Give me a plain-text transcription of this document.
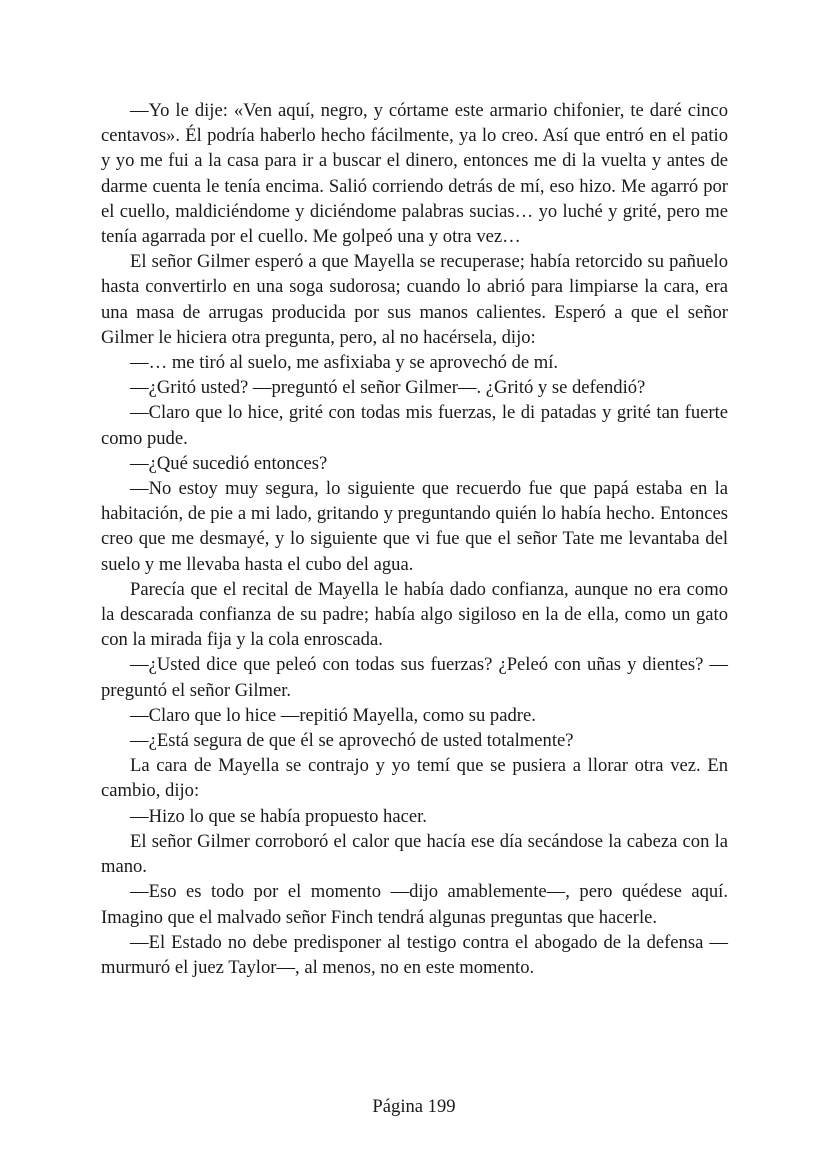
—Yo le dije: «Ven aquí, negro, y córtame este armario chifonier, te daré cinco centavos». Él podría haberlo hecho fácilmente, ya lo creo. Así que entró en el patio y yo me fui a la casa para ir a buscar el dinero, entonces me di la vuelta y antes de darme cuenta le tenía encima. Salió corriendo detrás de mí, eso hizo. Me agarró por el cuello, maldiciéndome y diciéndome palabras sucias… yo luché y grité, pero me tenía agarrada por el cuello. Me golpeó una y otra vez…

El señor Gilmer esperó a que Mayella se recuperase; había retorcido su pañuelo hasta convertirlo en una soga sudorosa; cuando lo abrió para limpiarse la cara, era una masa de arrugas producida por sus manos calientes. Esperó a que el señor Gilmer le hiciera otra pregunta, pero, al no hacérsela, dijo:

—… me tiró al suelo, me asfixiaba y se aprovechó de mí.

—¿Gritó usted? —preguntó el señor Gilmer—. ¿Gritó y se defendió?

—Claro que lo hice, grité con todas mis fuerzas, le di patadas y grité tan fuerte como pude.

—¿Qué sucedió entonces?

—No estoy muy segura, lo siguiente que recuerdo fue que papá estaba en la habitación, de pie a mi lado, gritando y preguntando quién lo había hecho. Entonces creo que me desmayé, y lo siguiente que vi fue que el señor Tate me levantaba del suelo y me llevaba hasta el cubo del agua.

Parecía que el recital de Mayella le había dado confianza, aunque no era como la descarada confianza de su padre; había algo sigiloso en la de ella, como un gato con la mirada fija y la cola enroscada.

—¿Usted dice que peleó con todas sus fuerzas? ¿Peleó con uñas y dientes? —preguntó el señor Gilmer.

—Claro que lo hice —repitió Mayella, como su padre.

—¿Está segura de que él se aprovechó de usted totalmente?

La cara de Mayella se contrajo y yo temí que se pusiera a llorar otra vez. En cambio, dijo:

—Hizo lo que se había propuesto hacer.

El señor Gilmer corroboró el calor que hacía ese día secándose la cabeza con la mano.

—Eso es todo por el momento —dijo amablemente—, pero quédese aquí. Imagino que el malvado señor Finch tendrá algunas preguntas que hacerle.

—El Estado no debe predisponer al testigo contra el abogado de la defensa —murmuró el juez Taylor—, al menos, no en este momento.

Página 199
